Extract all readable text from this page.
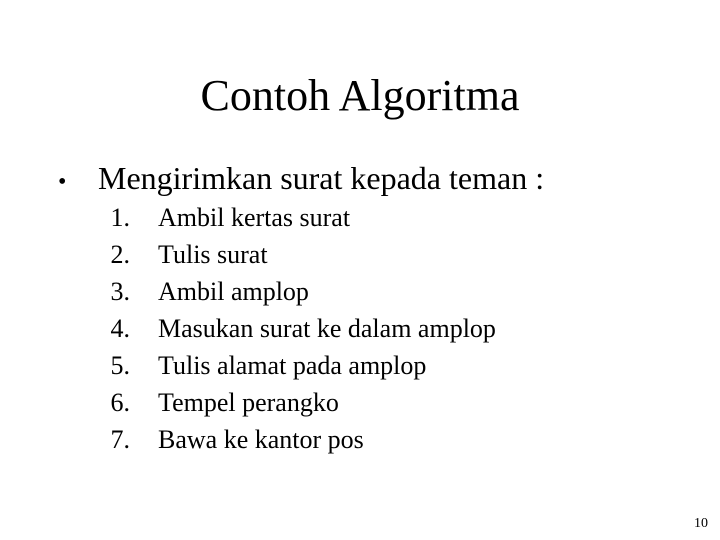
Contoh Algoritma
• Mengirimkan surat kepada teman :
1. Ambil kertas surat
2. Tulis surat
3. Ambil amplop
4. Masukan surat ke dalam amplop
5. Tulis alamat pada amplop
6. Tempel perangko
7. Bawa ke kantor pos
10
